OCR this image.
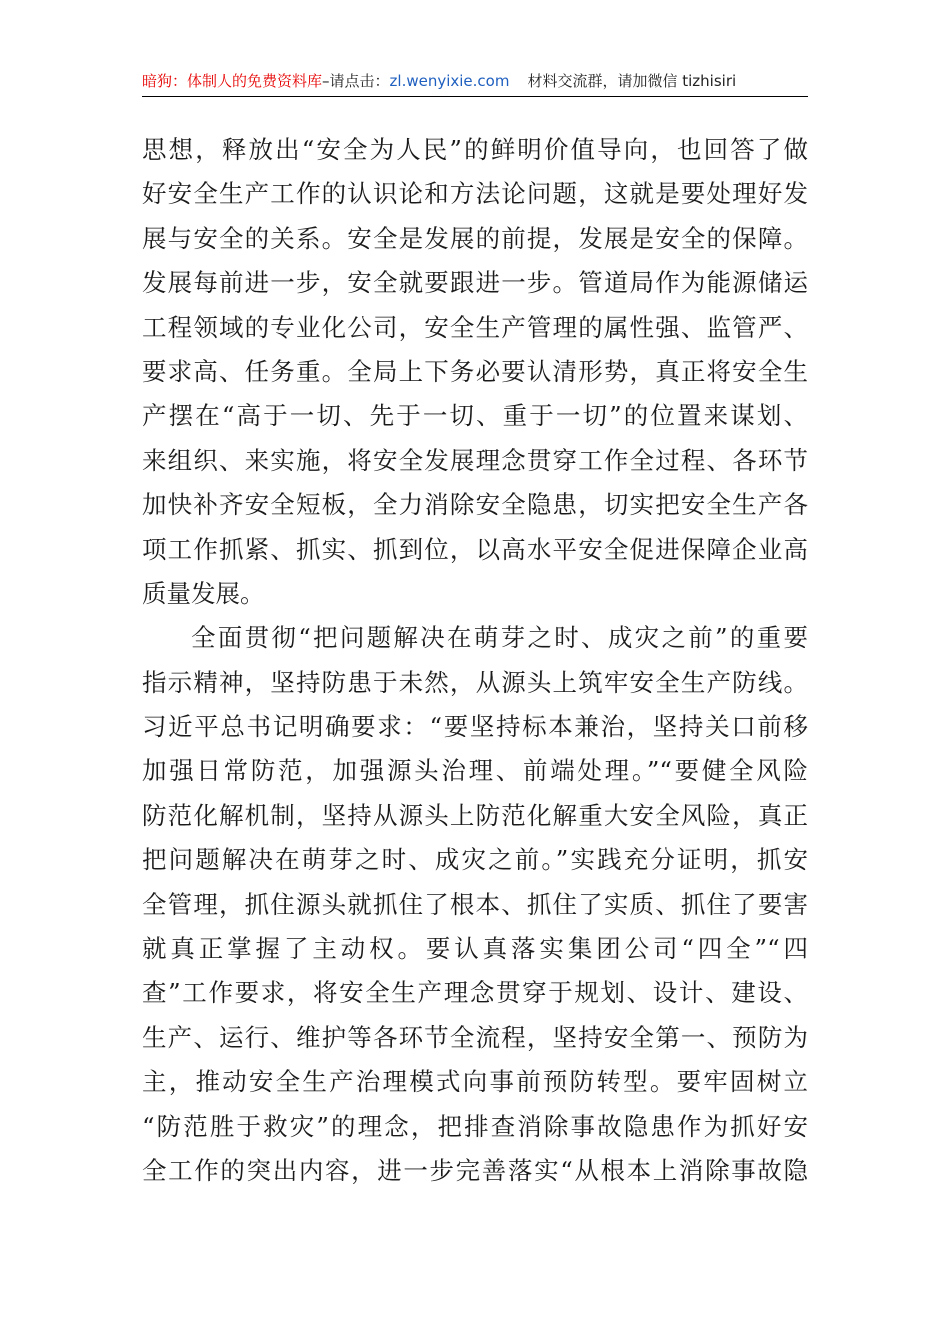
暗狗：体制人的免费资料库–请点击：zl.wenyixie.com 材料交流群，请加微信 tizhisiri
思想，释放出“安全为人民”的鲜明价值导向，也回答了做
好安全生产工作的认识论和方法论问题，这就是要处理好发
展与安全的关系。安全是发展的前提，发展是安全的保障。
发展每前进一步，安全就要跟进一步。管道局作为能源储运
工程领域的专业化公司，安全生产管理的属性强、监管严、
要求高、任务重。全局上下务必要认清形势，真正将安全生
产摆在“高于一切、先于一切、重于一切”的位置来谋划、
来组织、来实施，将安全发展理念贯穿工作全过程、各环节
加快补齐安全短板，全力消除安全隐患，切实把安全生产各
项工作抓紧、抓实、抓到位，以高水平安全促进保障企业高
质量发展。
全面贯彻“把问题解决在萌芽之时、成灾之前”的重要
指示精神，坚持防患于未然，从源头上筑牢安全生产防线。
习近平总书记明确要求：“要坚持标本兼治，坚持关口前移
加强日常防范，加强源头治理、前端处理。”“要健全风险
防范化解机制，坚持从源头上防范化解重大安全风险，真正
把问题解决在萌芽之时、成灾之前。”实践充分证明，抓安
全管理，抓住源头就抓住了根本、抓住了实质、抓住了要害
就真正掌握了主动权。要认真落实集团公司“四全”“四
查”工作要求，将安全生产理念贯穿于规划、设计、建设、
生产、运行、维护等各环节全流程，坚持安全第一、预防为
主，推动安全生产治理模式向事前预防转型。要牢固树立
“防范胜于救灾”的理念，把排查消除事故隐患作为抓好安
全工作的突出内容，进一步完善落实“从根本上消除事故隐
